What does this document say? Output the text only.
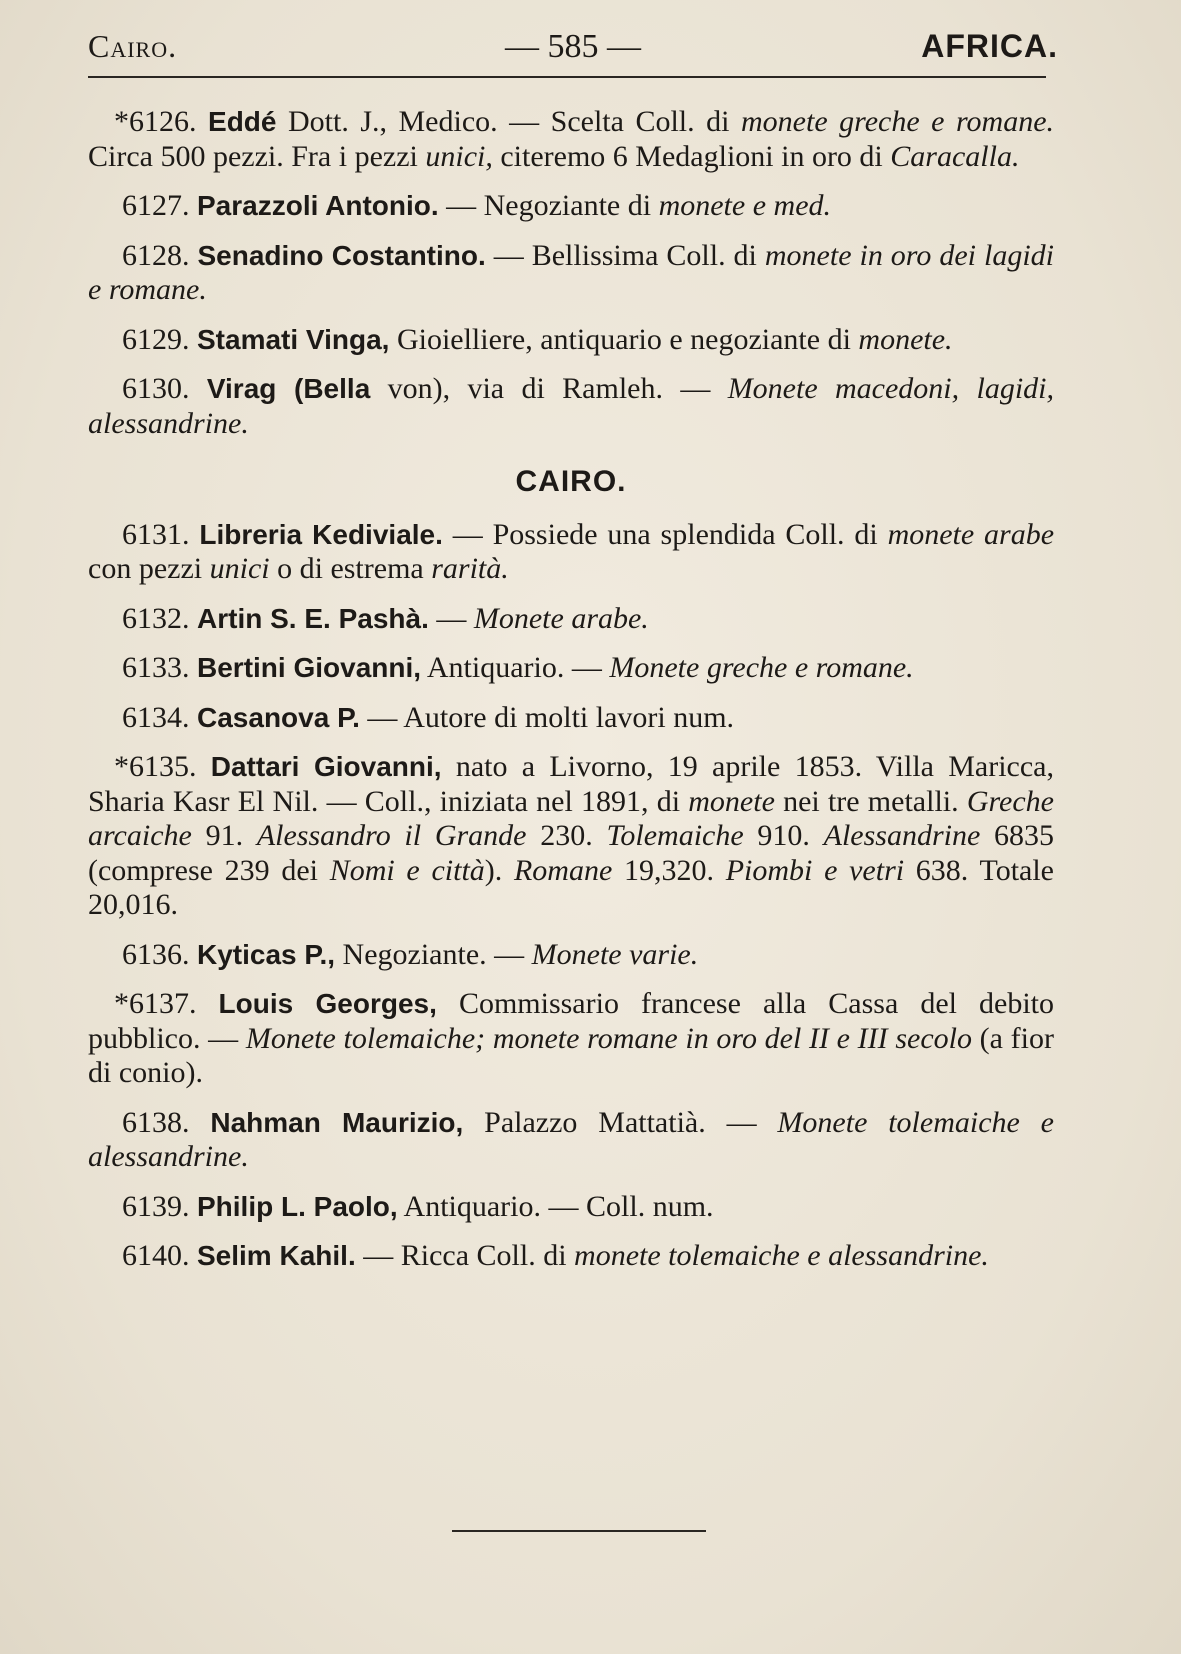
Cairo.	— 585 —	AFRICA.

*6126. Eddé Dott. J., Medico. — Scelta Coll. di monete greche e romane. Circa 500 pezzi. Fra i pezzi unici, citeremo 6 Medaglioni in oro di Caracalla.

6127. Parazzoli Antonio. — Negoziante di monete e med.

6128. Senadino Costantino. — Bellissima Coll. di monete in oro dei lagidi e romane.

6129. Stamati Vinga, Gioielliere, antiquario e negoziante di monete.

6130. Virag (Bella von), via di Ramleh. — Monete macedoni, lagidi, alessandrine.

CAIRO.

6131. Libreria Kediviale. — Possiede una splendida Coll. di monete arabe con pezzi unici o di estrema rarità.

6132. Artin S. E. Pashà. — Monete arabe.

6133. Bertini Giovanni, Antiquario. — Monete greche e romane.

6134. Casanova P. — Autore di molti lavori num.

*6135. Dattari Giovanni, nato a Livorno, 19 aprile 1853. Villa Maricca, Sharia Kasr El Nil. — Coll., iniziata nel 1891, di monete nei tre metalli. Greche arcaiche 91. Alessandro il Grande 230. Tolemaiche 910. Alessandrine 6835 (comprese 239 dei Nomi e città). Romane 19,320. Piombi e vetri 638. Totale 20,016.

6136. Kyticas P., Negoziante. — Monete varie.

*6137. Louis Georges, Commissario francese alla Cassa del debito pubblico. — Monete tolemaiche; monete romane in oro del II e III secolo (a fior di conio).

6138. Nahman Maurizio, Palazzo Mattatià. — Monete tolemaiche e alessandrine.

6139. Philip L. Paolo, Antiquario. — Coll. num.

6140. Selim Kahil. — Ricca Coll. di monete tolemaiche e alessandrine.
